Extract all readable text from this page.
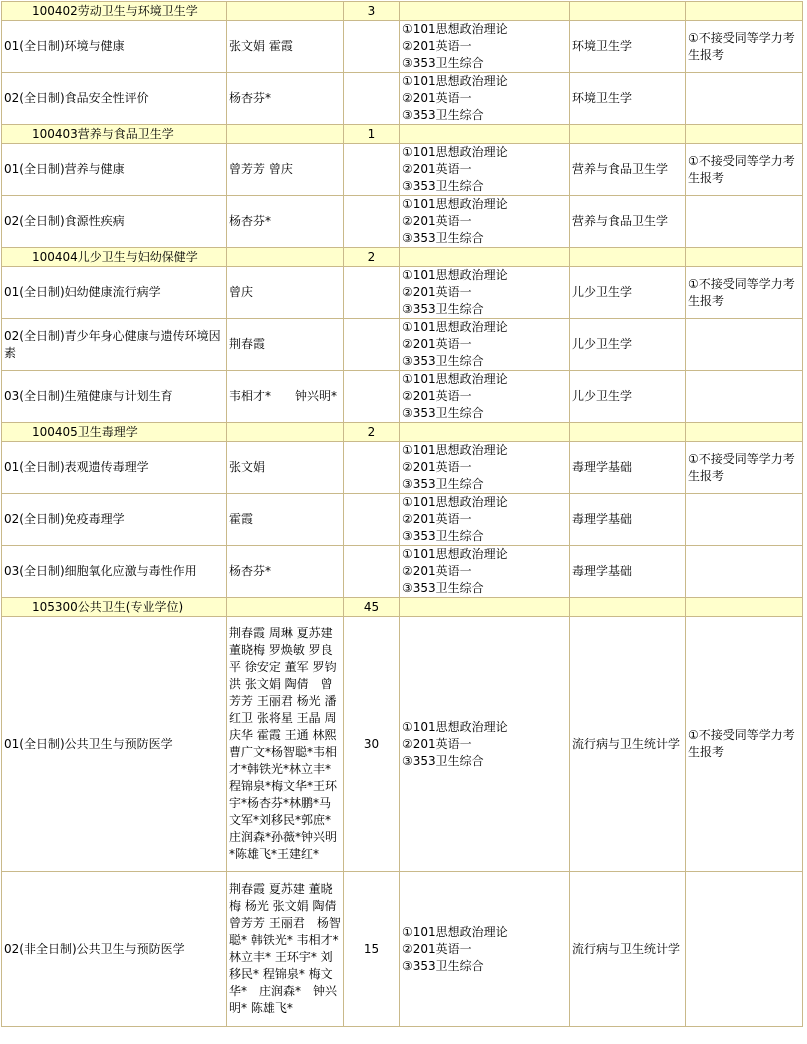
100402劳动卫生与环境卫生学		3			
01(全日制)环境与健康	张文娟 霍霞		①101思想政治理论
②201英语一
③353卫生综合	环境卫生学	①不接受同等学力考生报考
02(全日制)食品安全性评价	杨杏芬*		①101思想政治理论
②201英语一
③353卫生综合	环境卫生学	
100403营养与食品卫生学		1			
01(全日制)营养与健康	曾芳芳 曾庆		①101思想政治理论
②201英语一
③353卫生综合	营养与食品卫生学	①不接受同等学力考生报考
02(全日制)食源性疾病	杨杏芬*		①101思想政治理论
②201英语一
③353卫生综合	营养与食品卫生学	
100404儿少卫生与妇幼保健学		2			
01(全日制)妇幼健康流行病学	曾庆		①101思想政治理论
②201英语一
③353卫生综合	儿少卫生学	①不接受同等学力考生报考
02(全日制)青少年身心健康与遗传环境因素	荆春霞		①101思想政治理论
②201英语一
③353卫生综合	儿少卫生学	
03(全日制)生殖健康与计划生育	韦相才*　　钟兴明*		①101思想政治理论
②201英语一
③353卫生综合	儿少卫生学	
100405卫生毒理学		2			
01(全日制)表观遗传毒理学	张文娟		①101思想政治理论
②201英语一
③353卫生综合	毒理学基础	①不接受同等学力考生报考
02(全日制)免疫毒理学	霍霞		①101思想政治理论
②201英语一
③353卫生综合	毒理学基础	
03(全日制)细胞氧化应激与毒性作用	杨杏芬*		①101思想政治理论
②201英语一
③353卫生综合	毒理学基础	
105300公共卫生(专业学位)		45			
01(全日制)公共卫生与预防医学	荆春霞 周琳 夏苏建 董晓梅 罗焕敏 罗良平 徐安定 董军 罗钧洪 张文娟 陶倩　曾芳芳 王丽君 杨光 潘红卫 张将星 王晶 周庆华 霍霞 王通 林熙 曹广文*杨智聪*韦相才*韩铁光*林立丰*程锦泉*梅文华*王环宇*杨杏芬*林鹏*马文军*刘移民*郭庶*庄润森*孙薇*钟兴明*陈雄飞*王建红*	30	①101思想政治理论
②201英语一
③353卫生综合	流行病与卫生统计学	①不接受同等学力考生报考
02(非全日制)公共卫生与预防医学	荆春霞 夏苏建 董晓梅 杨光 张文娟 陶倩 曾芳芳 王丽君　杨智聪* 韩铁光* 韦相才* 林立丰* 王环宇* 刘移民* 程锦泉* 梅文华*　庄润森*　钟兴明* 陈雄飞*	15	①101思想政治理论
②201英语一
③353卫生综合	流行病与卫生统计学	
